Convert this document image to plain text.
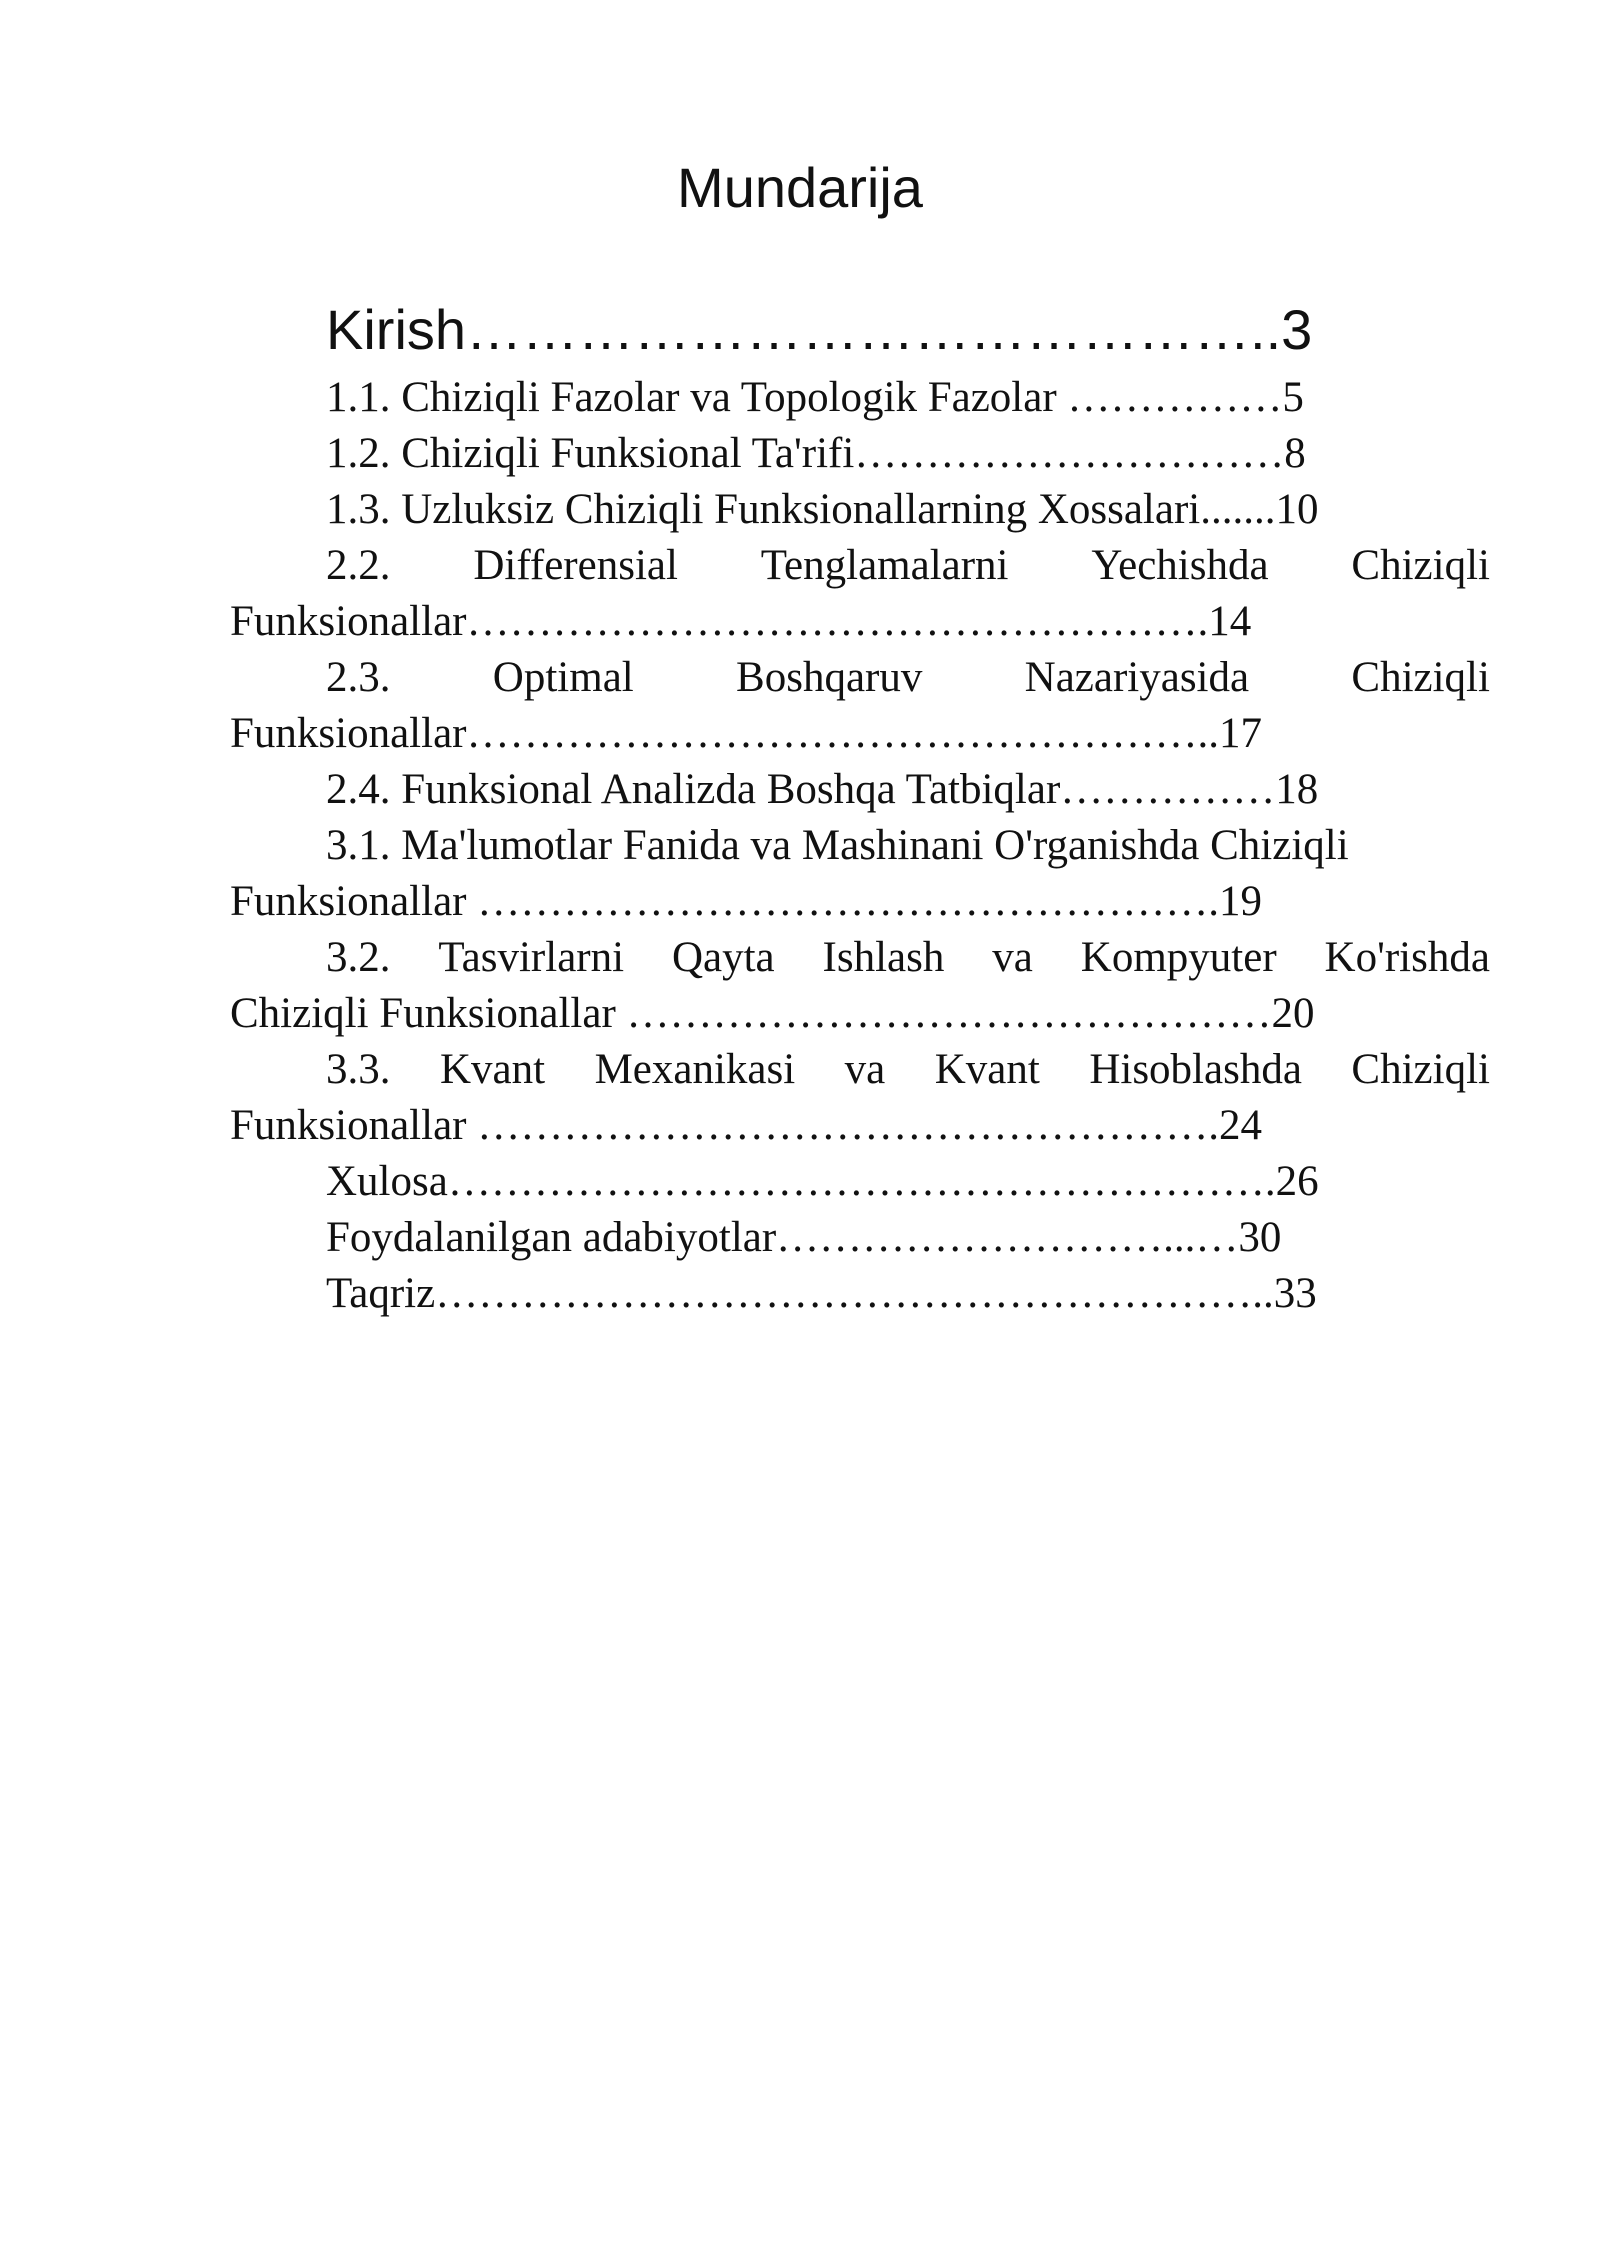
Mundarija
Kirish……………………………………..3
1.1. Chiziqli Fazolar va Topologik Fazolar ……………5
1.2. Chiziqli Funksional Ta'rifi…………………………8
1.3. Uzluksiz Chiziqli Funksionallarning Xossalari.......10
2.2. Differensial Tenglamalarni Yechishda Chiziqli
Funksionallar…………………………………………….14
2.3. Optimal Boshqaruv Nazariyasida Chiziqli
Funksionallar……………………………………………..17
2.4. Funksional Analizda Boshqa Tatbiqlar……………18
3.1. Ma'lumotlar Fanida va Mashinani O'rganishda Chiziqli
Funksionallar …………………………………………….19
3.2. Tasvirlarni Qayta Ishlash va Kompyuter Ko'rishda
Chiziqli Funksionallar ………………………………………20
3.3. Kvant Mexanikasi va Kvant Hisoblashda Chiziqli
Funksionallar …………………………………………….24
Xulosa………………………………………………….26
Foydalanilgan adabiyotlar………………………...…30
Taqriz…………………………………………………..33
